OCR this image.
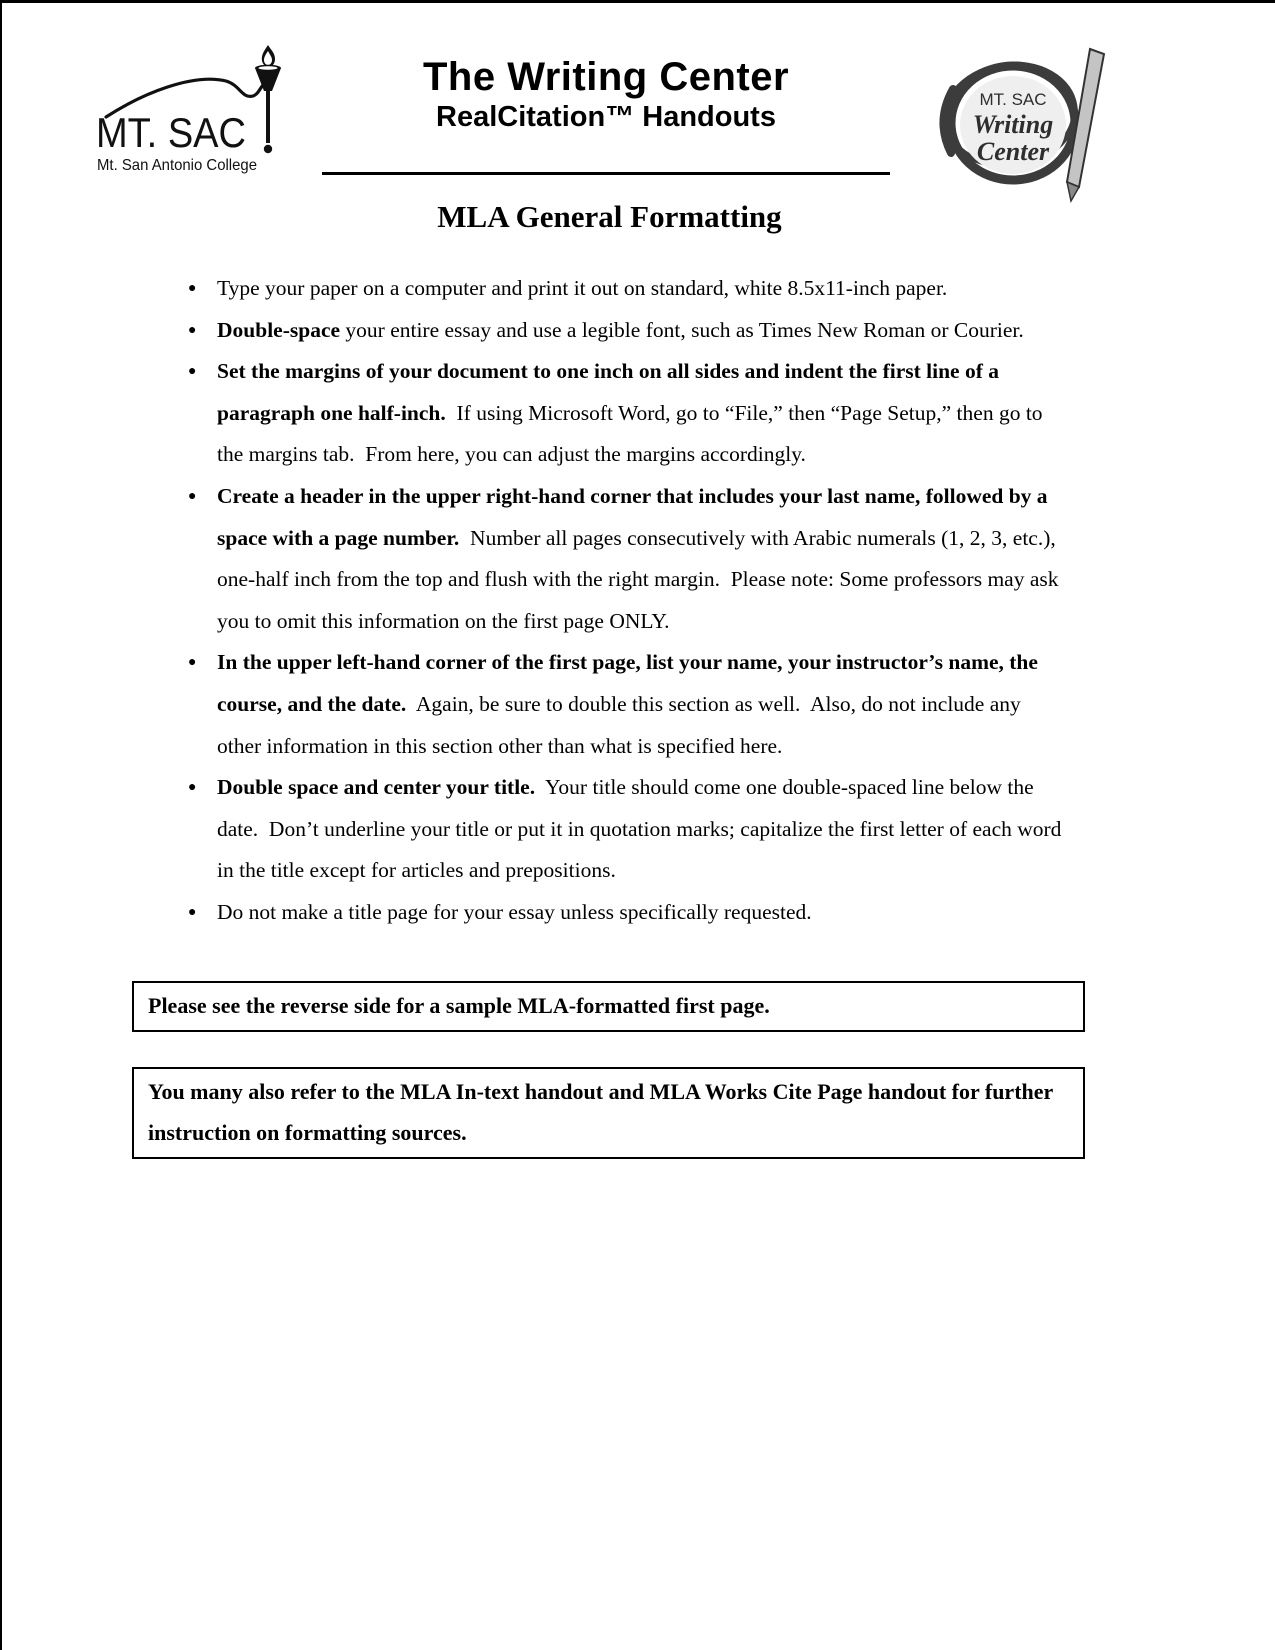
MT. SAC
Mt. San Antonio College
The Writing Center
RealCitation™ Handouts
MT. SAC
Writing
Center
MLA General Formatting
● Type your paper on a computer and print it out on standard, white 8.5x11-inch paper.
● Double-space your entire essay and use a legible font, such as Times New Roman or Courier.
● Set the margins of your document to one inch on all sides and indent the first line of a paragraph one half-inch.  If using Microsoft Word, go to “File,” then “Page Setup,” then go to the margins tab.  From here, you can adjust the margins accordingly.
● Create a header in the upper right-hand corner that includes your last name, followed by a space with a page number.  Number all pages consecutively with Arabic numerals (1, 2, 3, etc.), one-half inch from the top and flush with the right margin.  Please note: Some professors may ask you to omit this information on the first page ONLY.
● In the upper left-hand corner of the first page, list your name, your instructor’s name, the course, and the date.  Again, be sure to double this section as well.  Also, do not include any other information in this section other than what is specified here.
● Double space and center your title.  Your title should come one double-spaced line below the date.  Don’t underline your title or put it in quotation marks; capitalize the first letter of each word in the title except for articles and prepositions.
● Do not make a title page for your essay unless specifically requested.
Please see the reverse side for a sample MLA-formatted first page.
You many also refer to the MLA In-text handout and MLA Works Cite Page handout for further instruction on formatting sources.
